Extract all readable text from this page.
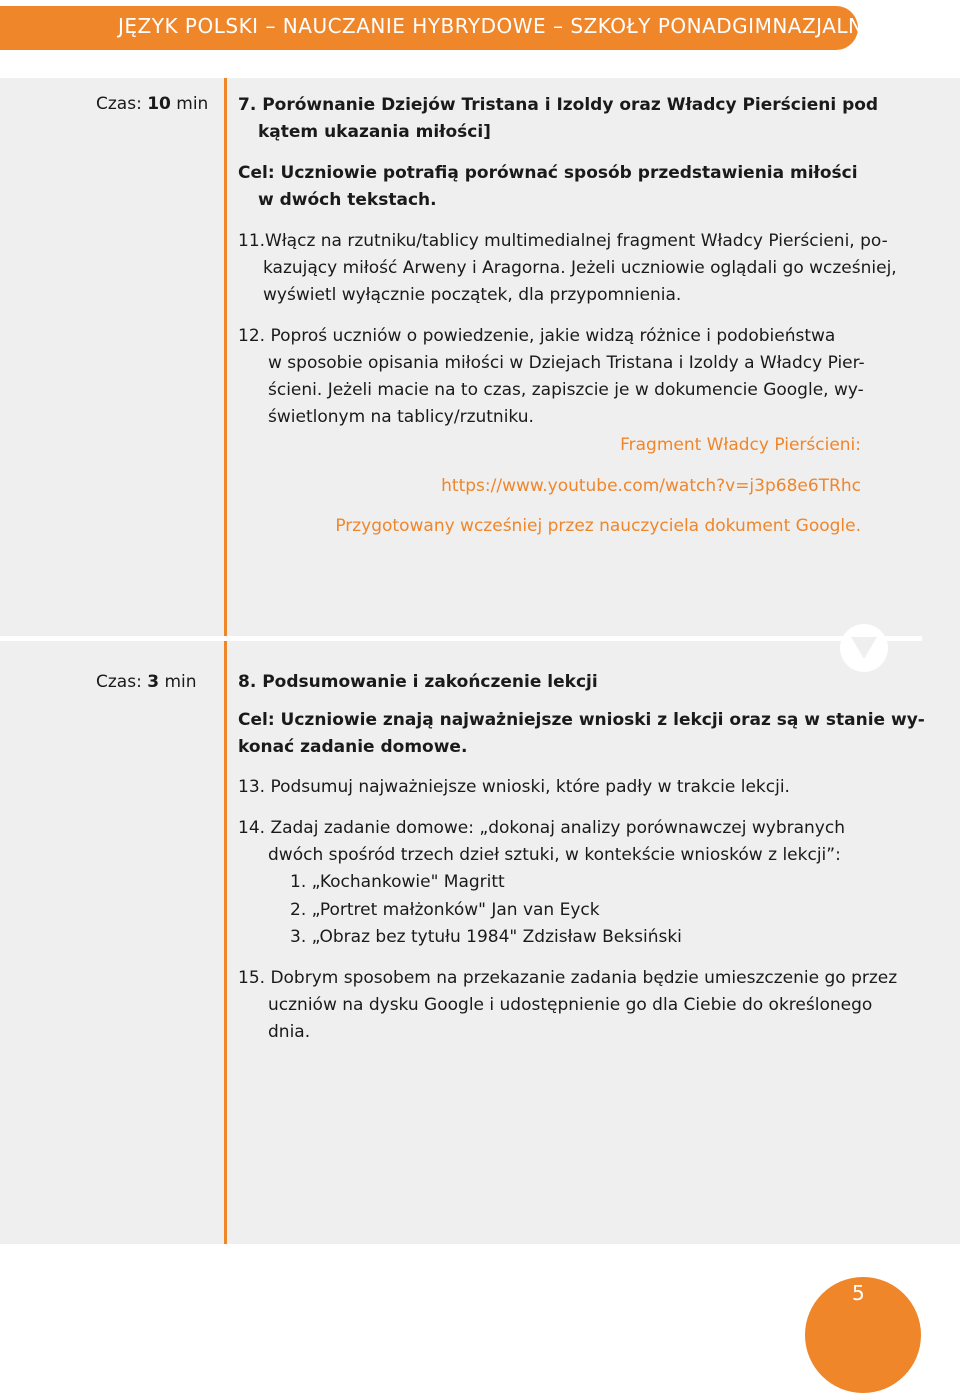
JĘZYK POLSKI – NAUCZANIE HYBRYDOWE – SZKOŁY PONADGIMNAZJALNE
Czas: 10 min 7. Porównanie Dziejów Tristana i Izoldy oraz Władcy Pierścieni pod
kątem ukazania miłości]
Cel: Uczniowie potrafią porównać sposób przedstawienia miłości
w dwóch tekstach.
11.Włącz na rzutniku/tablicy multimedialnej fragment Władcy Pierścieni, po-
kazujący miłość Arweny i Aragorna. Jeżeli uczniowie oglądali go wcześniej,
wyświetl wyłącznie początek, dla przypomnienia.
12. Poproś uczniów o powiedzenie, jakie widzą różnice i podobieństwa
w sposobie opisania miłości w Dziejach Tristana i Izoldy a Władcy Pier-
ścieni. Jeżeli macie na to czas, zapiszcie je w dokumencie Google, wy-
świetlonym na tablicy/rzutniku.
Fragment Władcy Pierścieni:
https://www.youtube.com/watch?v=j3p68e6TRhc
Przygotowany wcześniej przez nauczyciela dokument Google.
Czas: 3 min 8. Podsumowanie i zakończenie lekcji
Cel: Uczniowie znają najważniejsze wnioski z lekcji oraz są w stanie wy-
konać zadanie domowe.
13. Podsumuj najważniejsze wnioski, które padły w trakcie lekcji.
14. Zadaj zadanie domowe: „dokonaj analizy porównawczej wybranych
dwóch spośród trzech dzieł sztuki, w kontekście wniosków z lekcji”:
1. „Kochankowie" Magritt
2. „Portret małżonków" Jan van Eyck
3. „Obraz bez tytułu 1984" Zdzisław Beksiński
15. Dobrym sposobem na przekazanie zadania będzie umieszczenie go przez
uczniów na dysku Google i udostępnienie go dla Ciebie do określonego
dnia.
5
